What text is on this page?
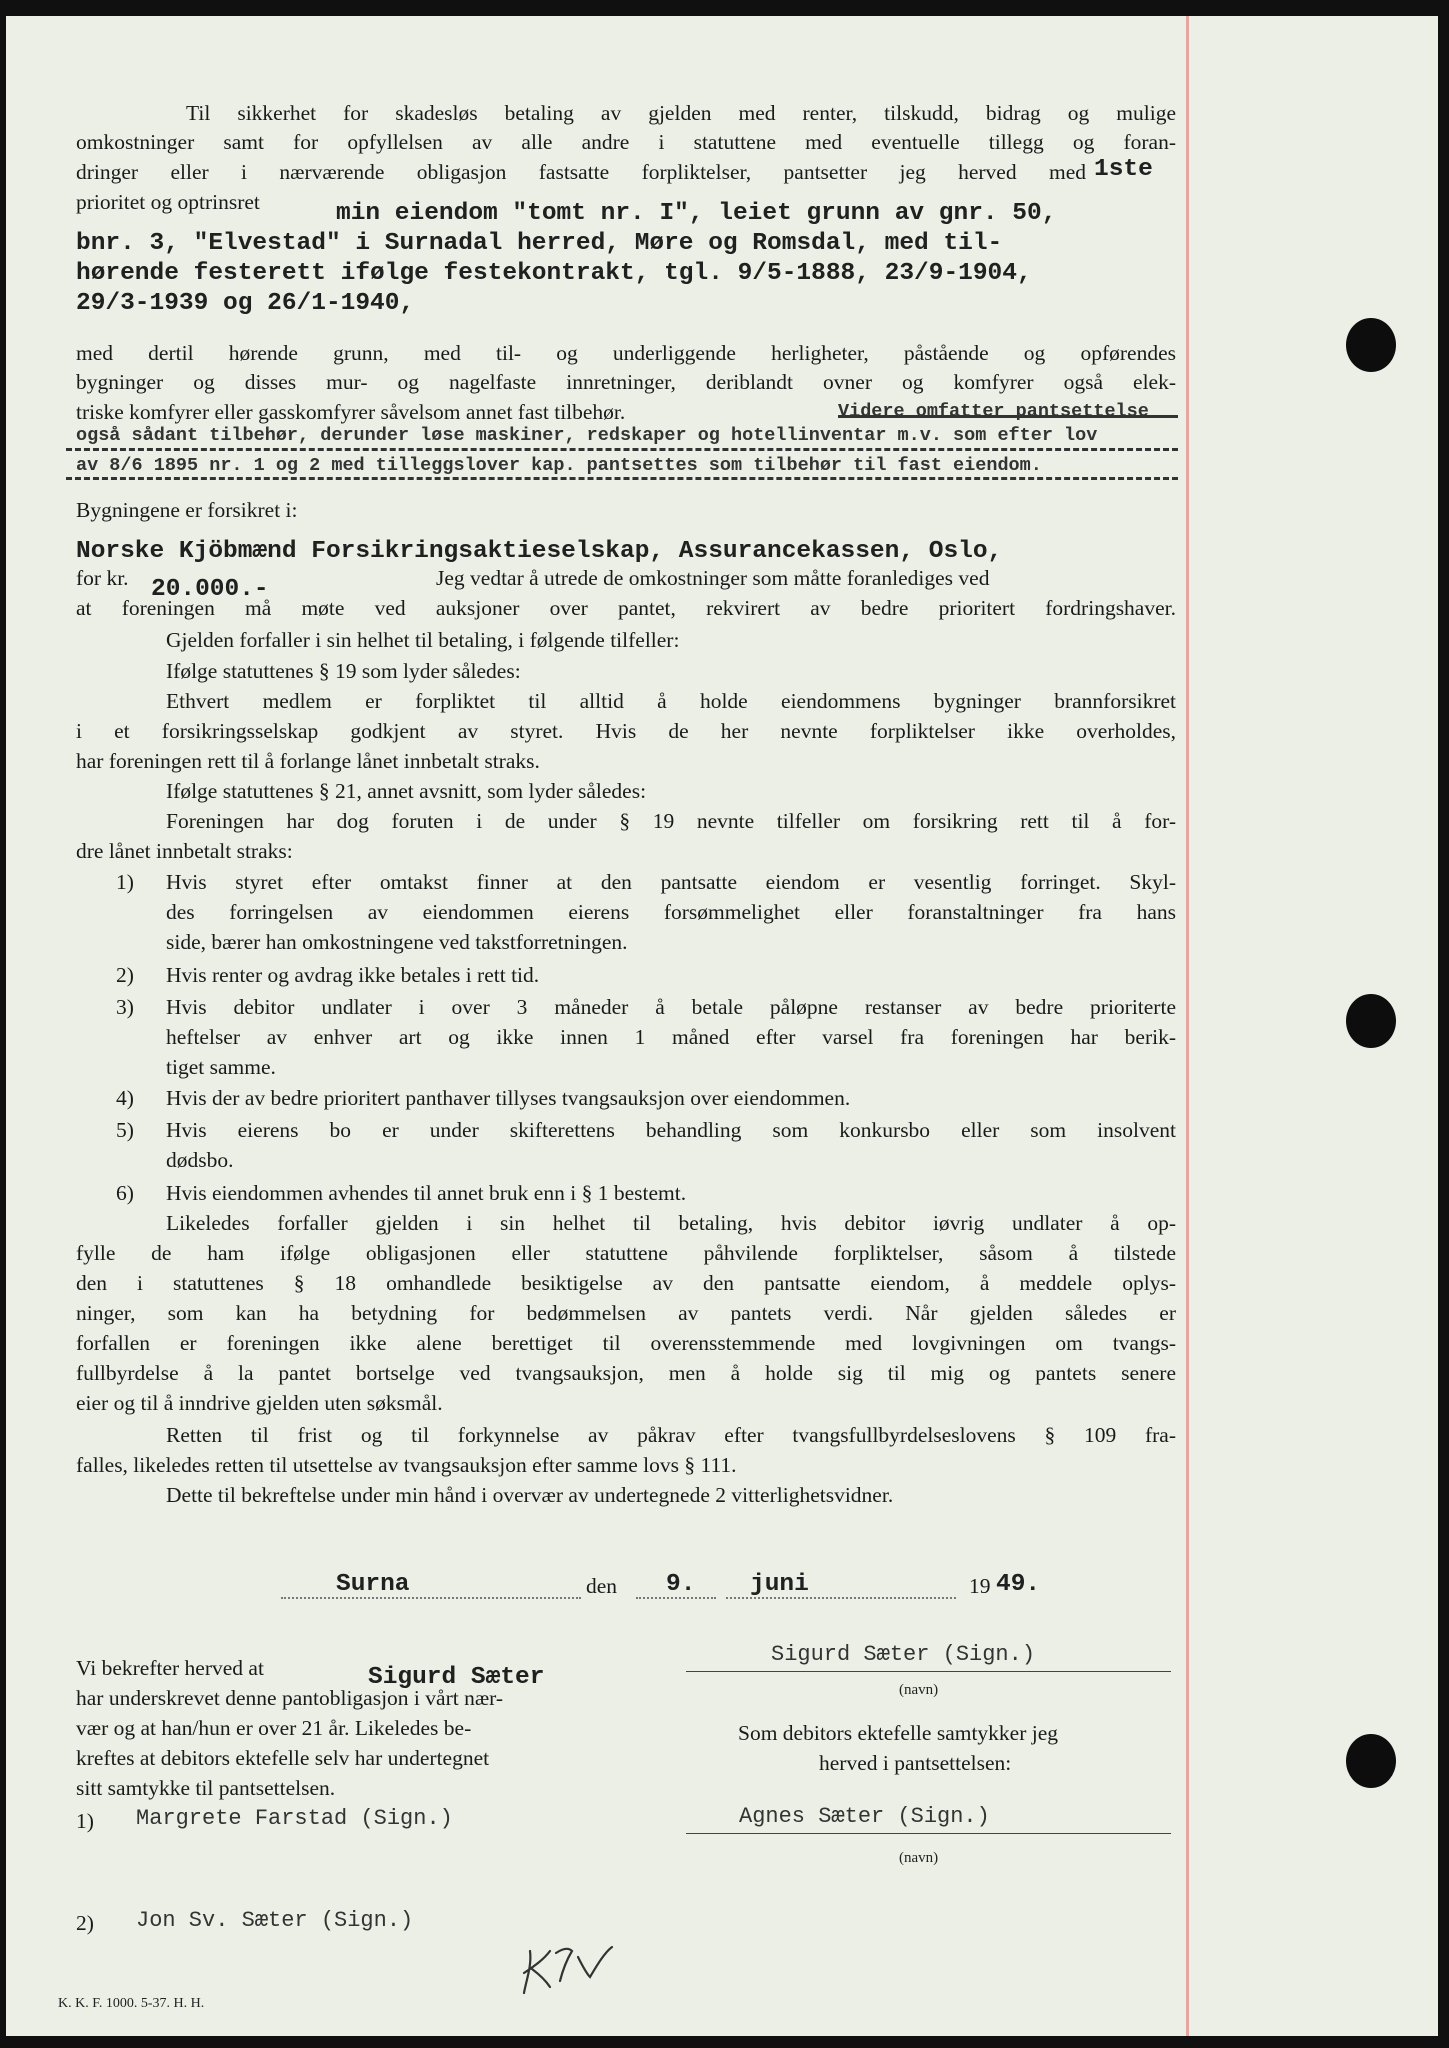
Til sikkerhet for skadesløs betaling av gjelden med renter, tilskudd, bidrag og mulige
omkostninger samt for opfyllelsen av alle andre i statuttene med eventuelle tillegg og foran-
dringer eller i nærværende obligasjon fastsatte forpliktelser, pantsetter jeg herved med 1ste
prioritet og optrinsret	min eiendom "tomt nr. I", leiet grunn av gnr. 50,
bnr. 3, "Elvestad" i Surnadal herred, Møre og Romsdal, med til-
hørende festerett ifølge festekontrakt, tgl. 9/5-1888, 23/9-1904,
29/3-1939 og 26/1-1940,
med dertil hørende grunn, med til- og underliggende herligheter, påstående og opførendes
bygninger og disses mur- og nagelfaste innretninger, deriblandt ovner og komfyrer også elek-
triske komfyrer eller gasskomfyrer såvelsom annet fast tilbehør.	Videre omfatter pantsettelse
også sådant tilbehør, derunder løse maskiner, redskaper og hotellinventar m.v. som efter lov
av 8/6 1895 nr. 1 og 2 med tilleggslover kap. pantsettes som tilbehør til fast eiendom.
Bygningene er forsikret i:
Norske Kjöbmænd Forsikringsaktieselskap, Assurancekassen, Oslo,
for kr. 20.000.-	Jeg vedtar å utrede de omkostninger som måtte foranlediges ved
at foreningen må møte ved auksjoner over pantet, rekvirert av bedre prioritert fordringshaver.
Gjelden forfaller i sin helhet til betaling, i følgende tilfeller:
Ifølge statuttenes § 19 som lyder således:
Ethvert medlem er forpliktet til alltid å holde eiendommens bygninger brannforsikret
i et forsikringsselskap godkjent av styret. Hvis de her nevnte forpliktelser ikke overholdes,
har foreningen rett til å forlange lånet innbetalt straks.
Ifølge statuttenes § 21, annet avsnitt, som lyder således:
Foreningen har dog foruten i de under § 19 nevnte tilfeller om forsikring rett til å for-
dre lånet innbetalt straks:
1) Hvis styret efter omtakst finner at den pantsatte eiendom er vesentlig forringet. Skyl-
des forringelsen av eiendommen eierens forsømmelighet eller foranstaltninger fra hans
side, bærer han omkostningene ved takstforretningen.
2) Hvis renter og avdrag ikke betales i rett tid.
3) Hvis debitor undlater i over 3 måneder å betale påløpne restanser av bedre prioriterte
heftelser av enhver art og ikke innen 1 måned efter varsel fra foreningen har berik-
tiget samme.
4) Hvis der av bedre prioritert panthaver tillyses tvangsauksjon over eiendommen.
5) Hvis eierens bo er under skifterettens behandling som konkursbo eller som insolvent
dødsbo.
6) Hvis eiendommen avhendes til annet bruk enn i § 1 bestemt.
Likeledes forfaller gjelden i sin helhet til betaling, hvis debitor iøvrig undlater å op-
fylle de ham ifølge obligasjonen eller statuttene påhvilende forpliktelser, såsom å tilstede
den i statuttenes § 18 omhandlede besiktigelse av den pantsatte eiendom, å meddele oplys-
ninger, som kan ha betydning for bedømmelsen av pantets verdi. Når gjelden således er
forfallen er foreningen ikke alene berettiget til overensstemmende med lovgivningen om tvangs-
fullbyrdelse å la pantet bortselge ved tvangsauksjon, men å holde sig til mig og pantets senere
eier og til å inndrive gjelden uten søksmål.
Retten til frist og til forkynnelse av påkrav efter tvangsfullbyrdelseslovens § 109 fra-
falles, likeledes retten til utsettelse av tvangsauksjon efter samme lovs § 111.
Dette til bekreftelse under min hånd i overvær av undertegnede 2 vitterlighetsvidner.
Surna	den 9. juni	19 49.
Vi bekrefter herved at	Sigurd Sæter
har underskrevet denne pantobligasjon i vårt nær-
vær og at han/hun er over 21 år. Likeledes be-
kreftes at debitors ektefelle selv har undertegnet
sitt samtykke til pantsettelsen.
Sigurd Sæter (Sign.)
(navn)
Som debitors ektefelle samtykker jeg
herved i pantsettelsen:
Agnes Sæter (Sign.)
(navn)
1) Margrete Farstad (Sign.)
2) Jon Sv. Sæter (Sign.)
K. K. F. 1000. 5-37. H. H.
